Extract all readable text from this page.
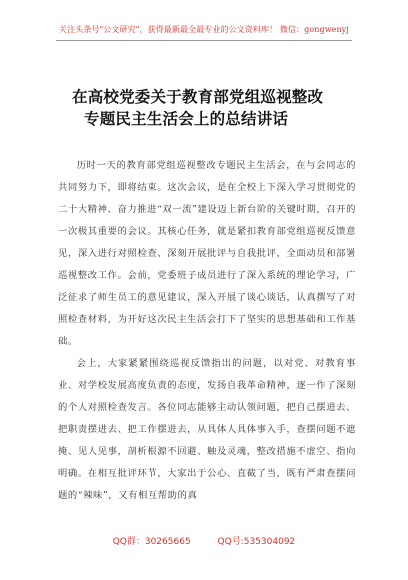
关注头条号"公文研究"，获得最新最全最专业的公文资料库！ 微信：gongwenyj
在高校党委关于教育部党组巡视整改
专题民主生活会上的总结讲话

历时一天的教育部党组巡视整改专题民主生活会，在与会同志的共同努力下，即将结束。这次会议，是在全校上下深入学习贯彻党的二十大精神、奋力推进“双一流”建设迈上新台阶的关键时期，召开的一次极其重要的会议。其核心任务，就是紧扣教育部党组巡视反馈意见，深入进行对照检查、深刻开展批评与自我批评，全面动员和部署巡视整改工作。会前，党委班子成员进行了深入系统的理论学习，广泛征求了师生员工的意见建议，深入开展了谈心谈话，认真撰写了对照检查材料，为开好这次民主生活会打下了坚实的思想基础和工作基础。

会上，大家紧紧围绕巡视反馈指出的问题，以对党、对教育事业、对学校发展高度负责的态度，发扬自我革命精神，逐一作了深刻的个人对照检查发言。各位同志能够主动认领问题，把自己摆进去、把职责摆进去、把工作摆进去，从具体人具体事入手，查摆问题不遮掩、见人见事，剖析根源不回避、触及灵魂，整改措施不虚空、指向明确。在相互批评环节，大家出于公心、直截了当，既有严肃查摆问题的“辣味”，又有相互帮助的真

QQ群：30265665	QQ号:535304092
